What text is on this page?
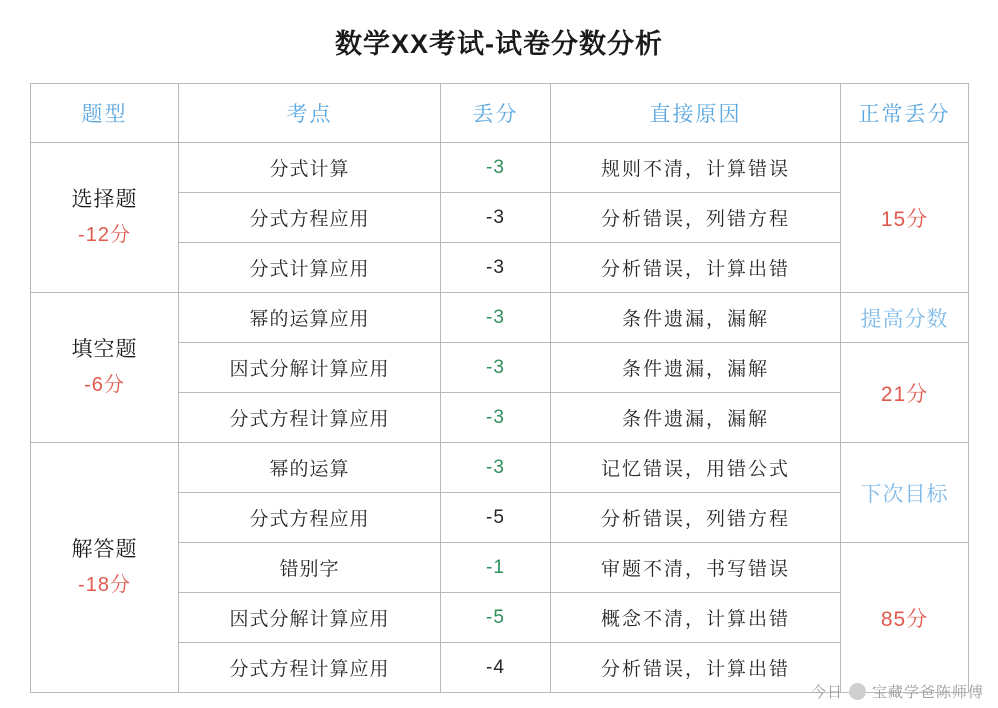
数学XX考试-试卷分数分析
题型	考点	丢分	直接原因	正常丢分
选择题
-12分	分式计算	-3	规则不清，计算错误	15分
	分式方程应用	-3	分析错误，列错方程	
	分式计算应用	-3	分析错误，计算出错	
填空题
-6分	幂的运算应用	-3	条件遗漏，漏解	提高分数
	因式分解计算应用	-3	条件遗漏，漏解	21分
	分式方程计算应用	-3	条件遗漏，漏解	
解答题
-18分	幂的运算	-3	记忆错误，用错公式	下次目标
	分式方程应用	-5	分析错误，列错方程	
	错别字	-1	审题不清，书写错误	85分
	因式分解计算应用	-5	概念不清，计算出错	
	分式方程计算应用	-4	分析错误，计算出错	
今日 宝藏学爸陈师傅
